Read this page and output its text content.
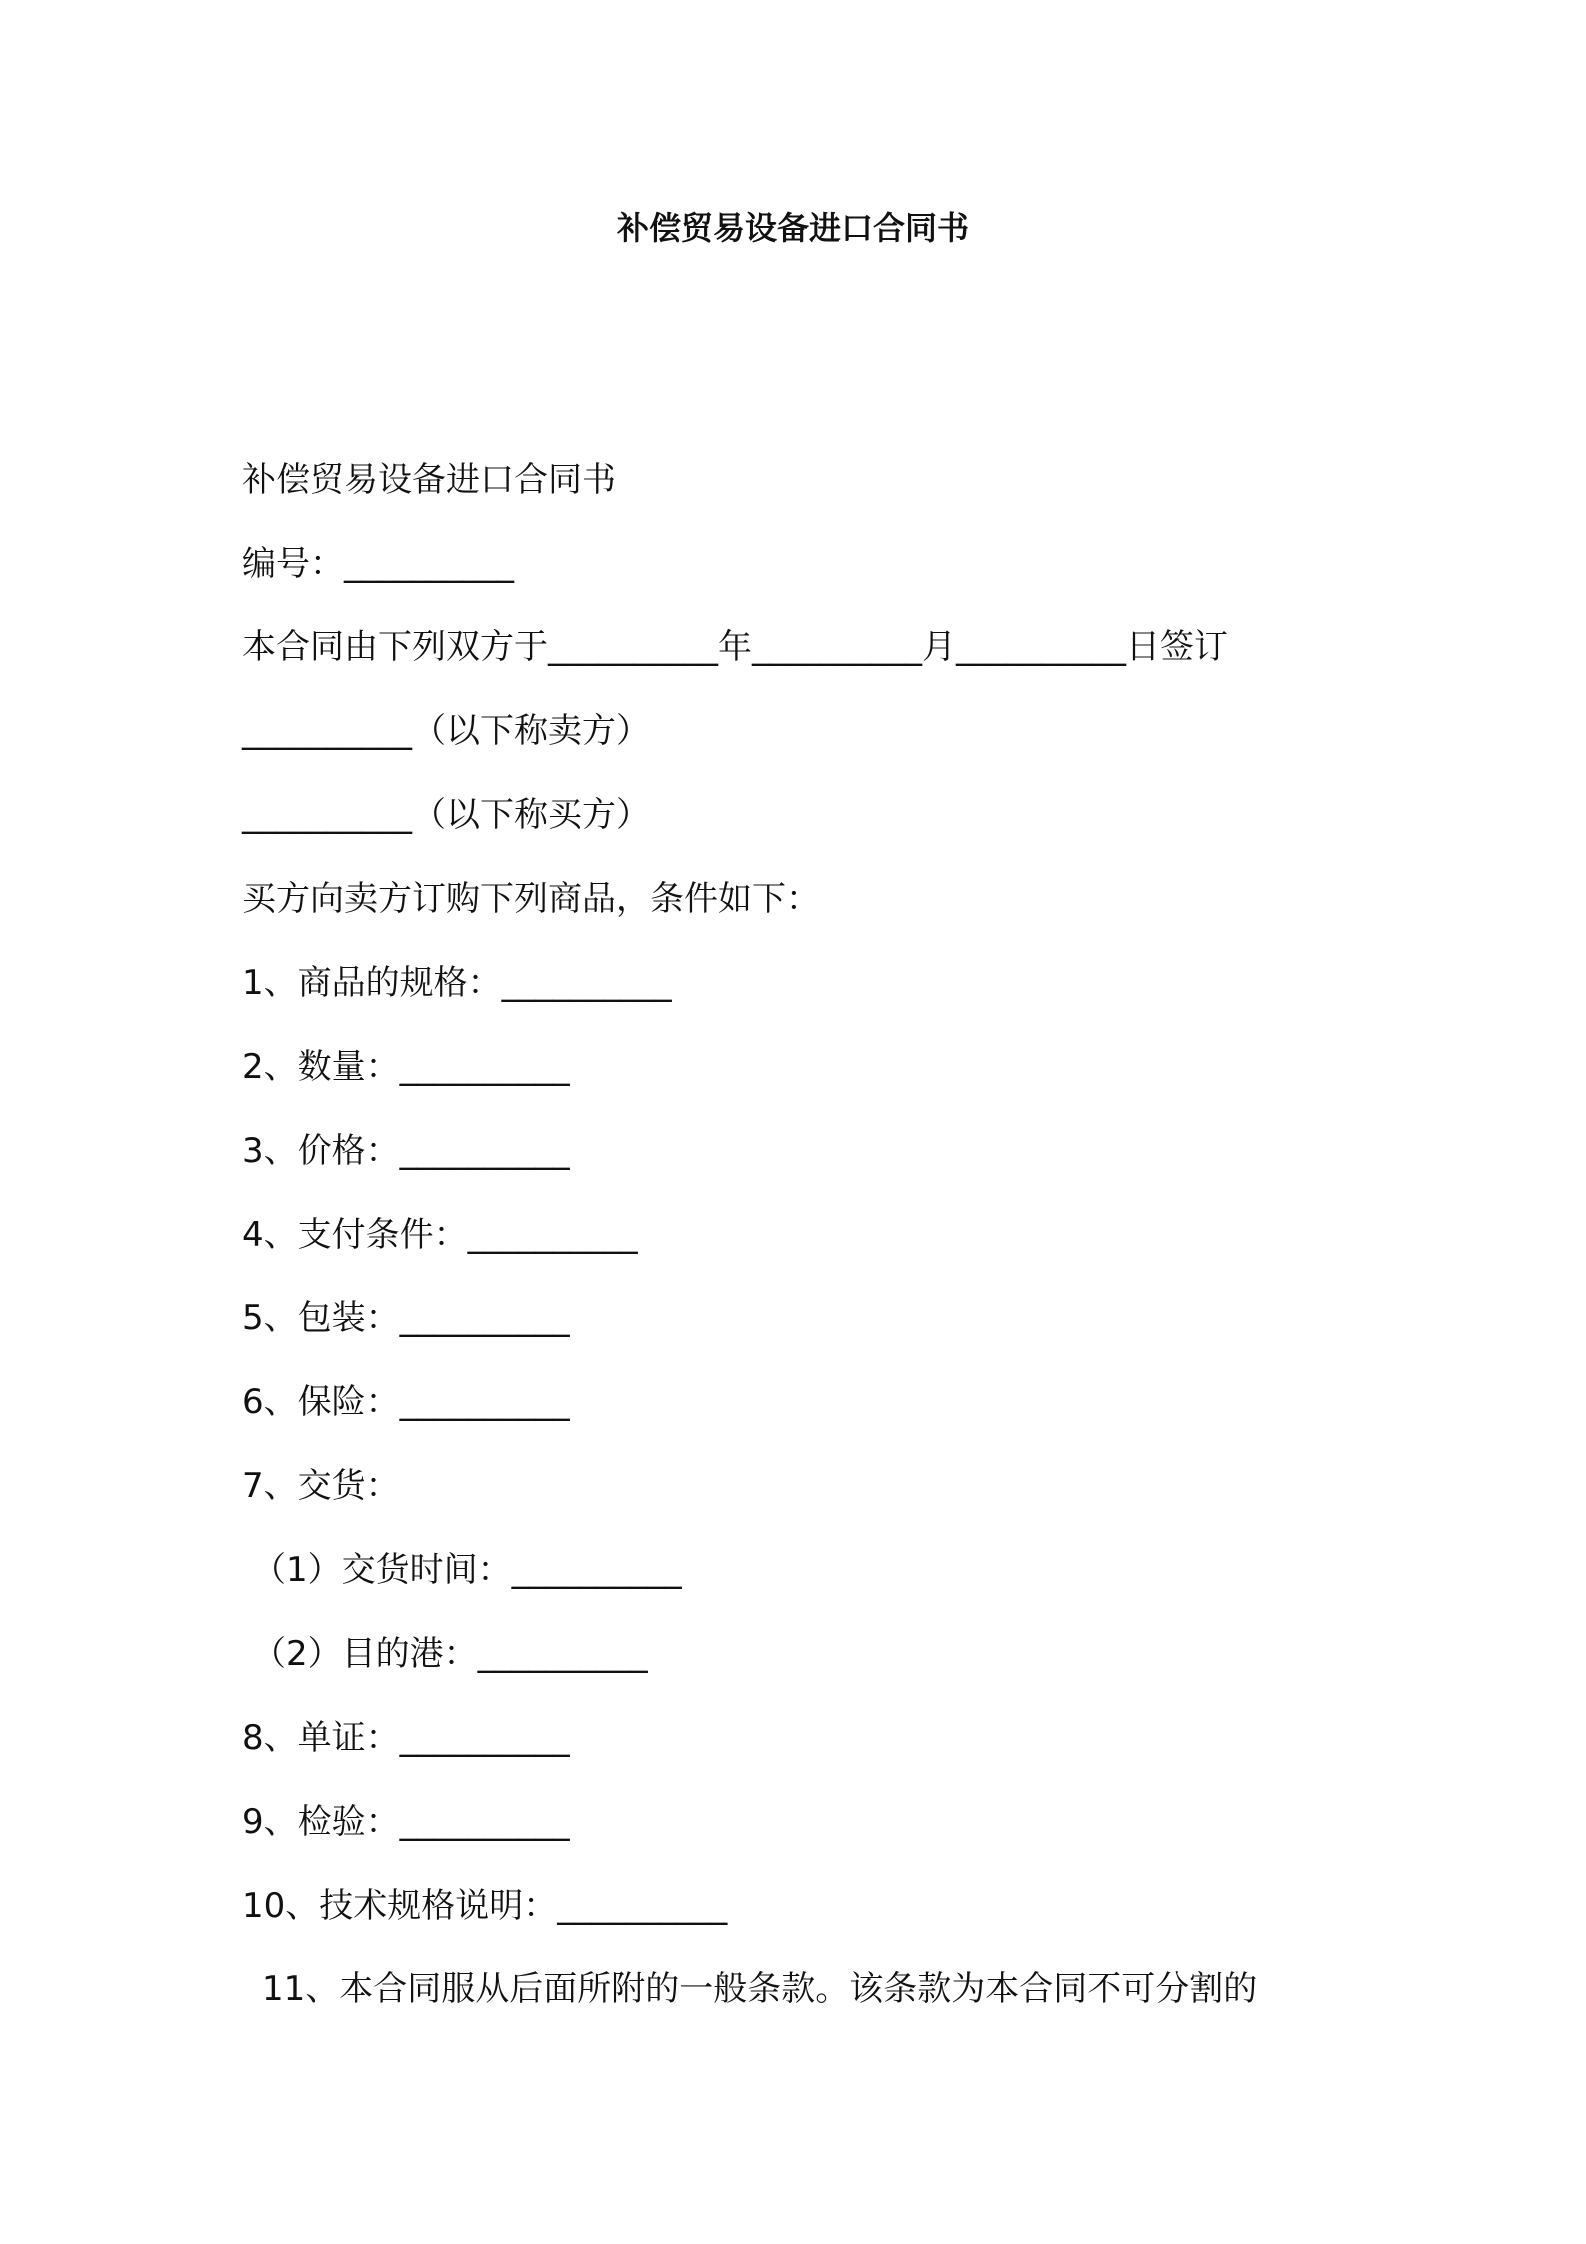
补偿贸易设备进口合同书
补偿贸易设备进口合同书
编号：__________
本合同由下列双方于__________年__________月__________日签订
__________（以下称卖方）
__________（以下称买方）
买方向卖方订购下列商品，条件如下：
1、商品的规格：__________
2、数量：__________
3、价格：__________
4、支付条件：__________
5、包装：__________
6、保险：__________
7、交货：
（1）交货时间：__________
（2）目的港：__________
8、单证：__________
9、检验：__________
10、技术规格说明：__________
11、本合同服从后面所附的一般条款。该条款为本合同不可分割的
